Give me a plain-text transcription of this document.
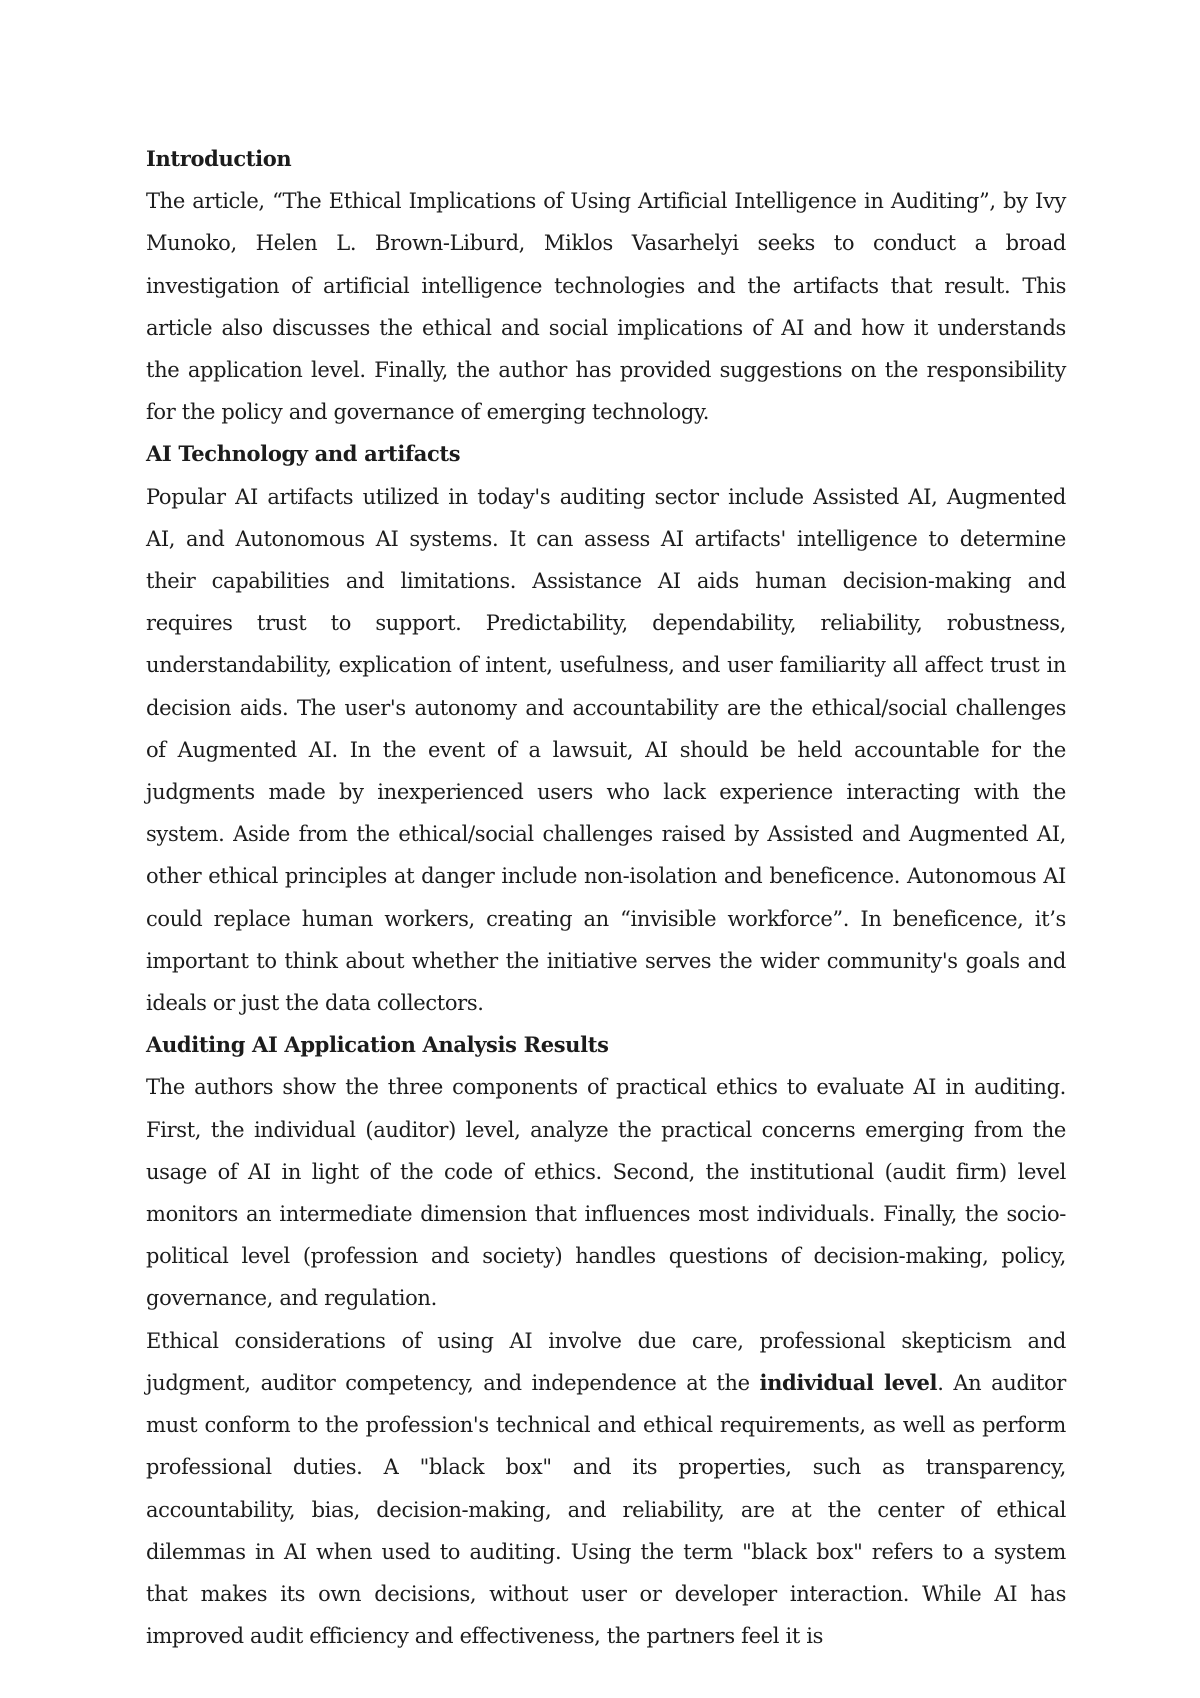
Introduction

The article, “The Ethical Implications of Using Artificial Intelligence in Auditing”, by Ivy Munoko, Helen L. Brown-Liburd, Miklos Vasarhelyi seeks to conduct a broad investigation of artificial intelligence technologies and the artifacts that result. This article also discusses the ethical and social implications of AI and how it understands the application level. Finally, the author has provided suggestions on the responsibility for the policy and governance of emerging technology.

AI Technology and artifacts

Popular AI artifacts utilized in today's auditing sector include Assisted AI, Augmented AI, and Autonomous AI systems. It can assess AI artifacts' intelligence to determine their capabilities and limitations. Assistance AI aids human decision-making and requires trust to support. Predictability, dependability, reliability, robustness, understandability, explication of intent, usefulness, and user familiarity all affect trust in decision aids. The user's autonomy and accountability are the ethical/social challenges of Augmented AI. In the event of a lawsuit, AI should be held accountable for the judgments made by inexperienced users who lack experience interacting with the system. Aside from the ethical/social challenges raised by Assisted and Augmented AI, other ethical principles at danger include non-isolation and beneficence. Autonomous AI could replace human workers, creating an “invisible workforce”. In beneficence, it’s important to think about whether the initiative serves the wider community's goals and ideals or just the data collectors.

Auditing AI Application Analysis Results

The authors show the three components of practical ethics to evaluate AI in auditing. First, the individual (auditor) level, analyze the practical concerns emerging from the usage of AI in light of the code of ethics. Second, the institutional (audit firm) level monitors an intermediate dimension that influences most individuals. Finally, the socio-political level (profession and society) handles questions of decision-making, policy, governance, and regulation.

Ethical considerations of using AI involve due care, professional skepticism and judgment, auditor competency, and independence at the individual level. An auditor must conform to the profession's technical and ethical requirements, as well as perform professional duties. A "black box" and its properties, such as transparency, accountability, bias, decision-making, and reliability, are at the center of ethical dilemmas in AI when used to auditing. Using the term "black box" refers to a system that makes its own decisions, without user or developer interaction. While AI has improved audit efficiency and effectiveness, the partners feel it is
